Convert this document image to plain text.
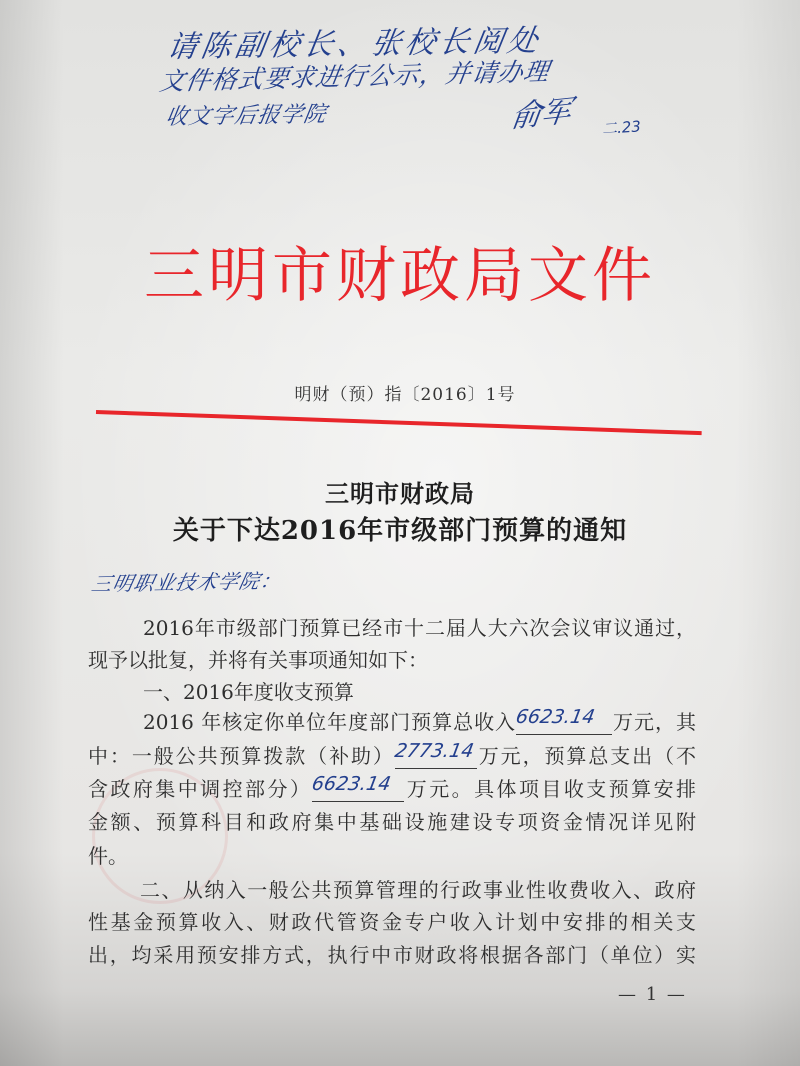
请陈副校长、张校长阅处
文件格式要求进行公示，并请办理
收文字后报学院	俞军 二.23
三明市财政局文件
明财（预）指〔2016〕1号
三明市财政局
关于下达2016年市级部门预算的通知
三明职业技术学院：
2016年市级部门预算已经市十二届人大六次会议审议通过，
现予以批复，并将有关事项通知如下：
一、2016年度收支预算
2016 年核定你单位年度部门预算总收入
6623.14 万元，其
中：一般公共预算拨款（补助）
2773.14 万元，预算总支出（不
含政府集中调控部分）
6623.14 万元。具体项目收支预算安排
金额、预算科目和政府集中基础设施建设专项资金情况详见附
件。
二、从纳入一般公共预算管理的行政事业性收费收入、政府
性基金预算收入、财政代管资金专户收入计划中安排的相关支
出，均采用预安排方式，执行中市财政将根据各部门（单位）实
— 1 —
